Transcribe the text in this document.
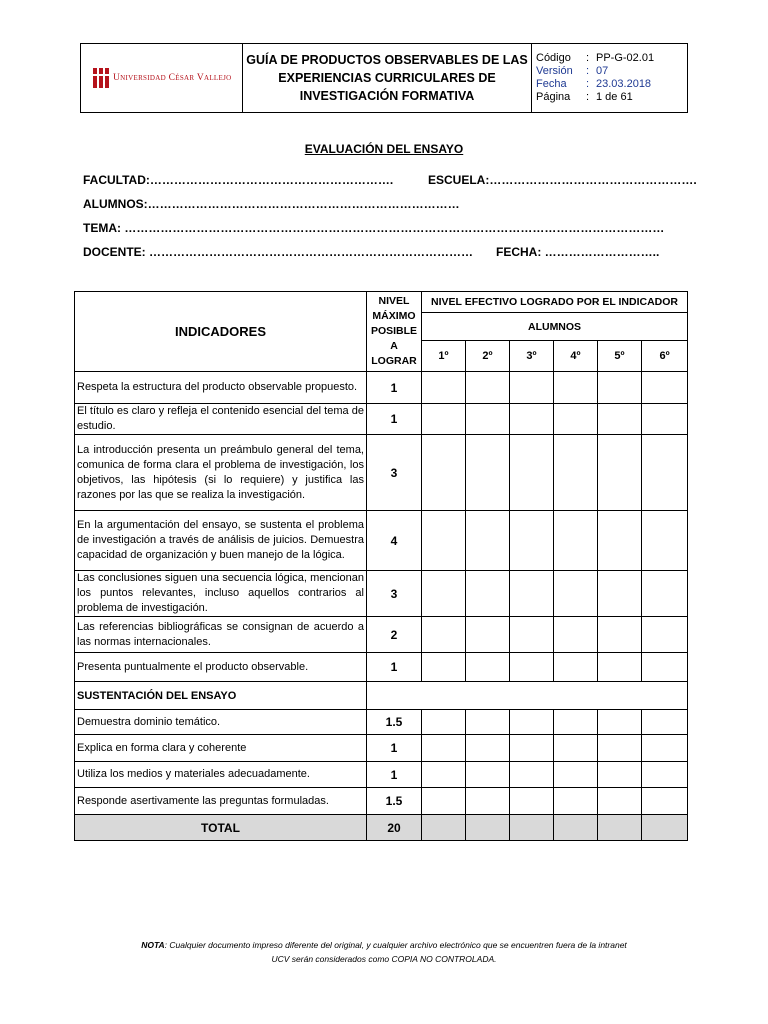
Universidad César Vallejo

GUÍA DE PRODUCTOS OBSERVABLES DE LAS
EXPERIENCIAS CURRICULARES DE
INVESTIGACIÓN FORMATIVA

Código	: PP-G-02.01
Versión	: 07
Fecha	: 23.03.2018
Página	: 1 de 61
EVALUACIÓN DEL ENSAYO
FACULTAD:…………………………………………………….	ESCUELA:…………………………………………….
ALUMNOS:……………………………………………………………………
TEMA: ………………………………………………………………………………………………………………………
DOCENTE: ……………………………………………………………………… FECHA: ………………………..
INDICADORES	NIVEL
MÁXIMO
POSIBLE
A
LOGRAR	NIVEL EFECTIVO LOGRADO POR EL INDICADOR					
		ALUMNOS					
		1º	2º	3º	4º	5º	6º
Respeta la estructura del producto observable propuesto.	1						
El título es claro y refleja el contenido esencial del tema de estudio.	1						
La introducción presenta un preámbulo general del tema, comunica de forma clara el problema de investigación, los objetivos, las hipótesis (si lo requiere) y justifica las razones por las que se realiza la investigación.	3						
En la argumentación del ensayo, se sustenta el problema de investigación a través de análisis de juicios. Demuestra capacidad de organización y buen manejo de la lógica.	4						
Las conclusiones siguen una secuencia lógica, mencionan los puntos relevantes, incluso aquellos contrarios al problema de investigación.	3						
Las referencias bibliográficas se consignan de acuerdo a las normas internacionales.	2						
Presenta puntualmente el producto observable.	1						
SUSTENTACIÓN DEL ENSAYO							
Demuestra dominio temático.	1.5						
Explica en forma clara y coherente	1						
Utiliza los medios y materiales adecuadamente.	1						
Responde asertivamente las preguntas formuladas.	1.5						
TOTAL	20						
NOTA: Cualquier documento impreso diferente del original, y cualquier archivo electrónico que se encuentren fuera de la intranet
UCV serán considerados como COPIA NO CONTROLADA.
